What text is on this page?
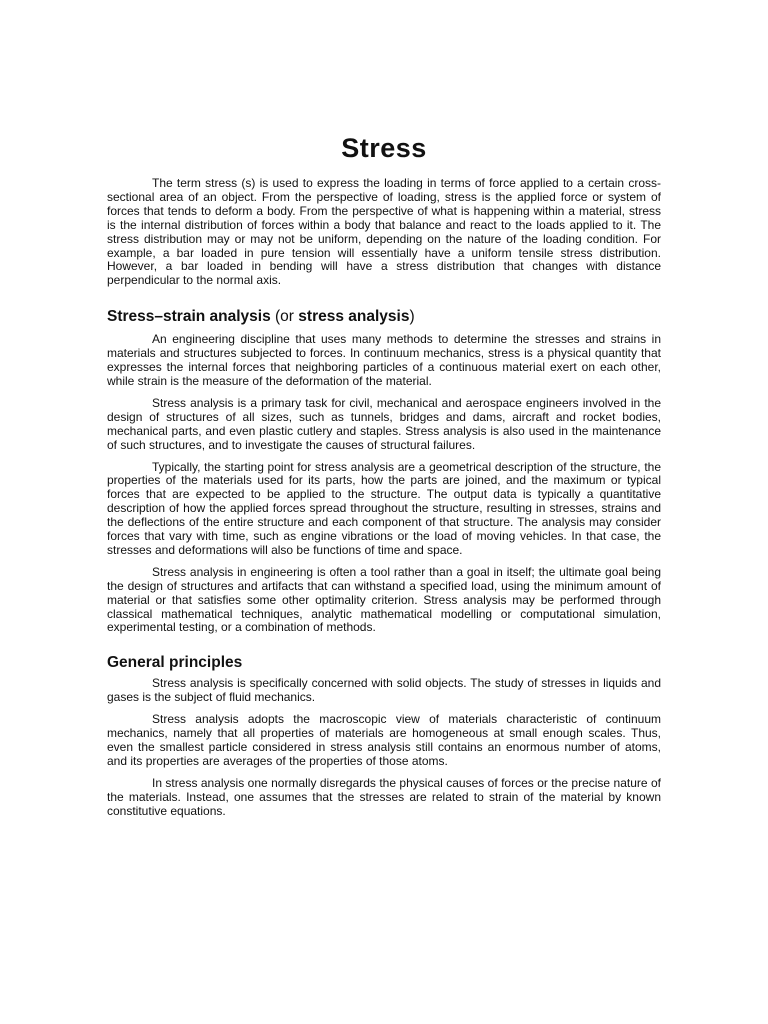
Stress

The term stress (s) is used to express the loading in terms of force applied to a certain cross-sectional area of an object. From the perspective of loading, stress is the applied force or system of forces that tends to deform a body. From the perspective of what is happening within a material, stress is the internal distribution of forces within a body that balance and react to the loads applied to it. The stress distribution may or may not be uniform, depending on the nature of the loading condition. For example, a bar loaded in pure tension will essentially have a uniform tensile stress distribution. However, a bar loaded in bending will have a stress distribution that changes with distance perpendicular to the normal axis.

Stress–strain analysis (or stress analysis)

An engineering discipline that uses many methods to determine the stresses and strains in materials and structures subjected to forces. In continuum mechanics, stress is a physical quantity that expresses the internal forces that neighboring particles of a continuous material exert on each other, while strain is the measure of the deformation of the material.

Stress analysis is a primary task for civil, mechanical and aerospace engineers involved in the design of structures of all sizes, such as tunnels, bridges and dams, aircraft and rocket bodies, mechanical parts, and even plastic cutlery and staples. Stress analysis is also used in the maintenance of such structures, and to investigate the causes of structural failures.

Typically, the starting point for stress analysis are a geometrical description of the structure, the properties of the materials used for its parts, how the parts are joined, and the maximum or typical forces that are expected to be applied to the structure. The output data is typically a quantitative description of how the applied forces spread throughout the structure, resulting in stresses, strains and the deflections of the entire structure and each component of that structure. The analysis may consider forces that vary with time, such as engine vibrations or the load of moving vehicles. In that case, the stresses and deformations will also be functions of time and space.

Stress analysis in engineering is often a tool rather than a goal in itself; the ultimate goal being the design of structures and artifacts that can withstand a specified load, using the minimum amount of material or that satisfies some other optimality criterion. Stress analysis may be performed through classical mathematical techniques, analytic mathematical modelling or computational simulation, experimental testing, or a combination of methods.

General principles

Stress analysis is specifically concerned with solid objects. The study of stresses in liquids and gases is the subject of fluid mechanics.

Stress analysis adopts the macroscopic view of materials characteristic of continuum mechanics, namely that all properties of materials are homogeneous at small enough scales. Thus, even the smallest particle considered in stress analysis still contains an enormous number of atoms, and its properties are averages of the properties of those atoms.

In stress analysis one normally disregards the physical causes of forces or the precise nature of the materials. Instead, one assumes that the stresses are related to strain of the material by known constitutive equations.
